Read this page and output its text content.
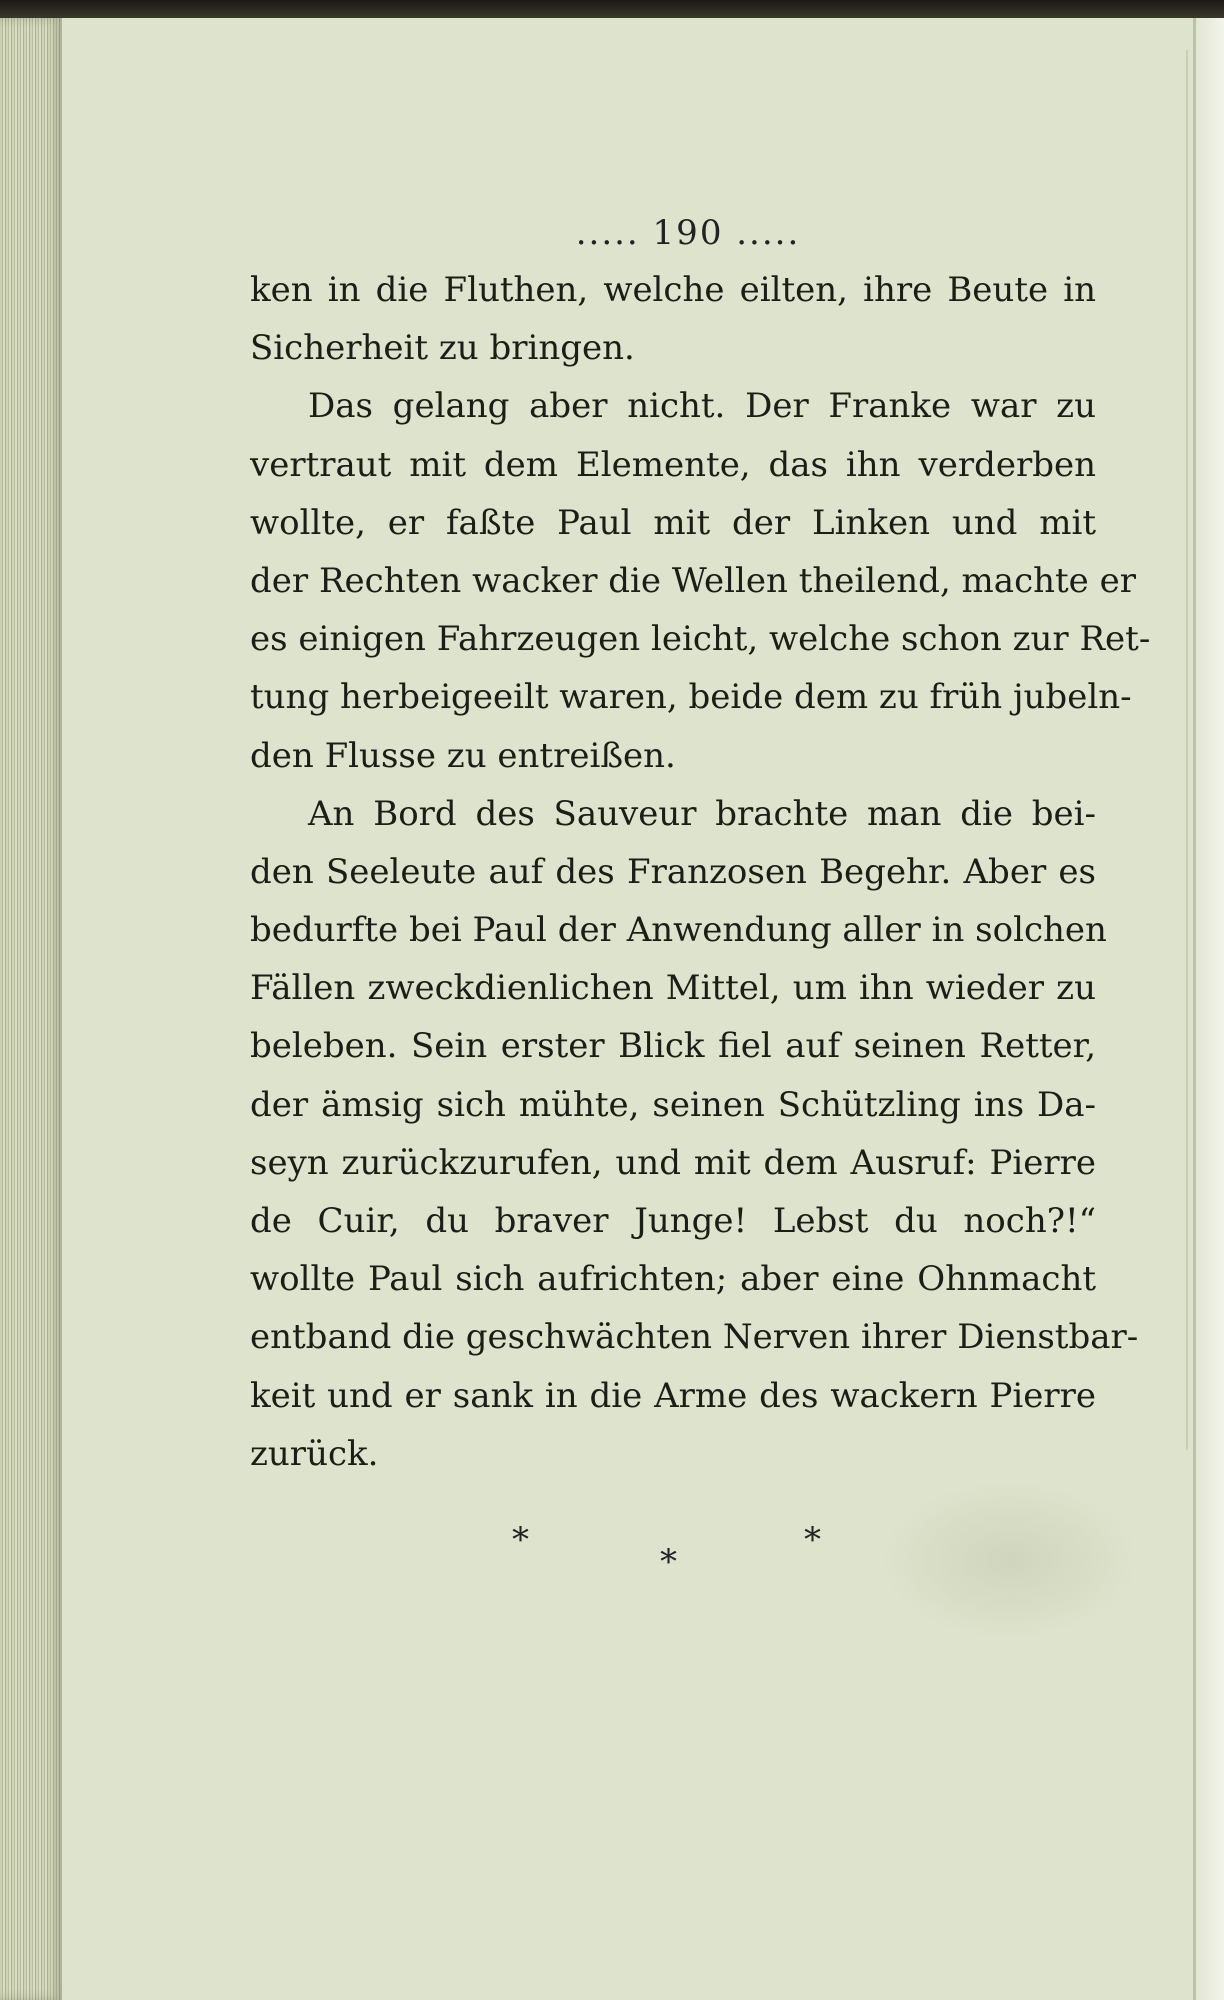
..... 190 .....
ken in die Fluthen, welche eilten, ihre Beute in
Sicherheit zu bringen.
Das gelang aber nicht. Der Franke war zu
vertraut mit dem Elemente, das ihn verderben
wollte, er faßte Paul mit der Linken und mit
der Rechten wacker die Wellen theilend, machte er
es einigen Fahrzeugen leicht, welche schon zur Ret-
tung herbeigeeilt waren, beide dem zu früh jubeln-
den Flusse zu entreißen.
An Bord des Sauveur brachte man die bei-
den Seeleute auf des Franzosen Begehr. Aber es
bedurfte bei Paul der Anwendung aller in solchen
Fällen zweckdienlichen Mittel, um ihn wieder zu
beleben. Sein erster Blick fiel auf seinen Retter,
der ämsig sich mühte, seinen Schützling ins Da-
seyn zurückzurufen, und mit dem Ausruf: Pierre
de Cuir, du braver Junge! Lebst du noch?!“
wollte Paul sich aufrichten; aber eine Ohnmacht
entband die geschwächten Nerven ihrer Dienstbar-
keit und er sank in die Arme des wackern Pierre
zurück.
*
*
*
